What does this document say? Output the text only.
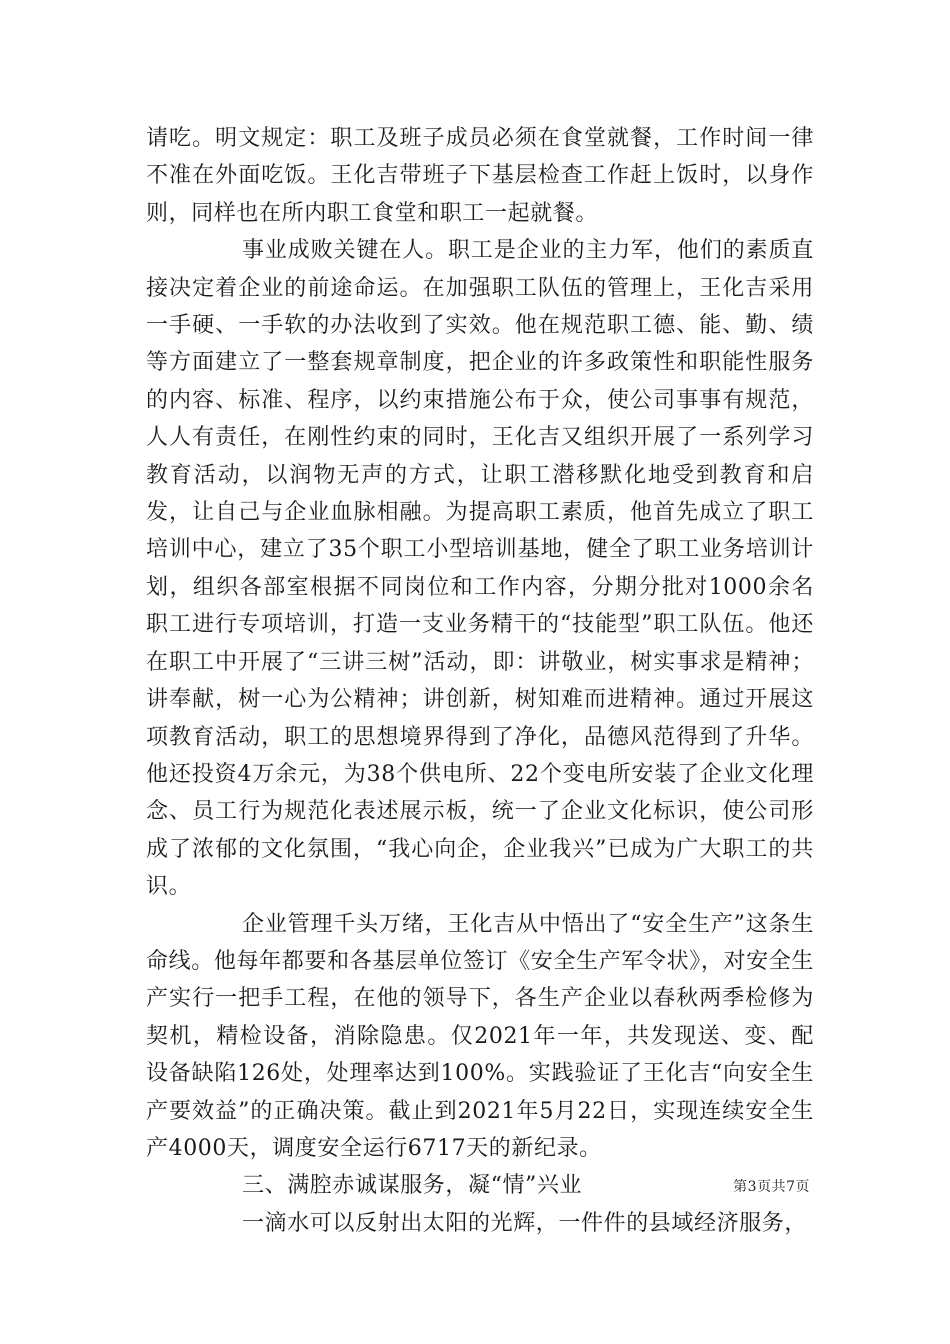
请吃。明文规定：职工及班子成员必须在食堂就餐，工作时间一律不准在外面吃饭。王化吉带班子下基层检查工作赶上饭时，以身作则，同样也在所内职工食堂和职工一起就餐。

事业成败关键在人。职工是企业的主力军，他们的素质直接决定着企业的前途命运。在加强职工队伍的管理上，王化吉采用一手硬、一手软的办法收到了实效。他在规范职工德、能、勤、绩等方面建立了一整套规章制度，把企业的许多政策性和职能性服务的内容、标准、程序，以约束措施公布于众，使公司事事有规范，人人有责任，在刚性约束的同时，王化吉又组织开展了一系列学习教育活动，以润物无声的方式，让职工潜移默化地受到教育和启发，让自己与企业血脉相融。为提高职工素质，他首先成立了职工培训中心，建立了35个职工小型培训基地，健全了职工业务培训计划，组织各部室根据不同岗位和工作内容，分期分批对1000余名职工进行专项培训，打造一支业务精干的“技能型”职工队伍。他还在职工中开展了“三讲三树”活动，即：讲敬业，树实事求是精神；讲奉献，树一心为公精神；讲创新，树知难而进精神。通过开展这项教育活动，职工的思想境界得到了净化，品德风范得到了升华。他还投资4万余元，为38个供电所、22个变电所安装了企业文化理念、员工行为规范化表述展示板，统一了企业文化标识，使公司形成了浓郁的文化氛围，“我心向企，企业我兴”已成为广大职工的共识。

企业管理千头万绪，王化吉从中悟出了“安全生产”这条生命线。他每年都要和各基层单位签订《安全生产军令状》，对安全生产实行一把手工程，在他的领导下，各生产企业以春秋两季检修为契机，精检设备，消除隐患。仅2021年一年，共发现送、变、配设备缺陷126处，处理率达到100%。实践验证了王化吉“向安全生产要效益”的正确决策。截止到2021年5月22日，实现连续安全生产4000天，调度安全运行6717天的新纪录。

三、满腔赤诚谋服务，凝“情”兴业

一滴水可以反射出太阳的光辉，一件件的县域经济服务，

第3页共7页
